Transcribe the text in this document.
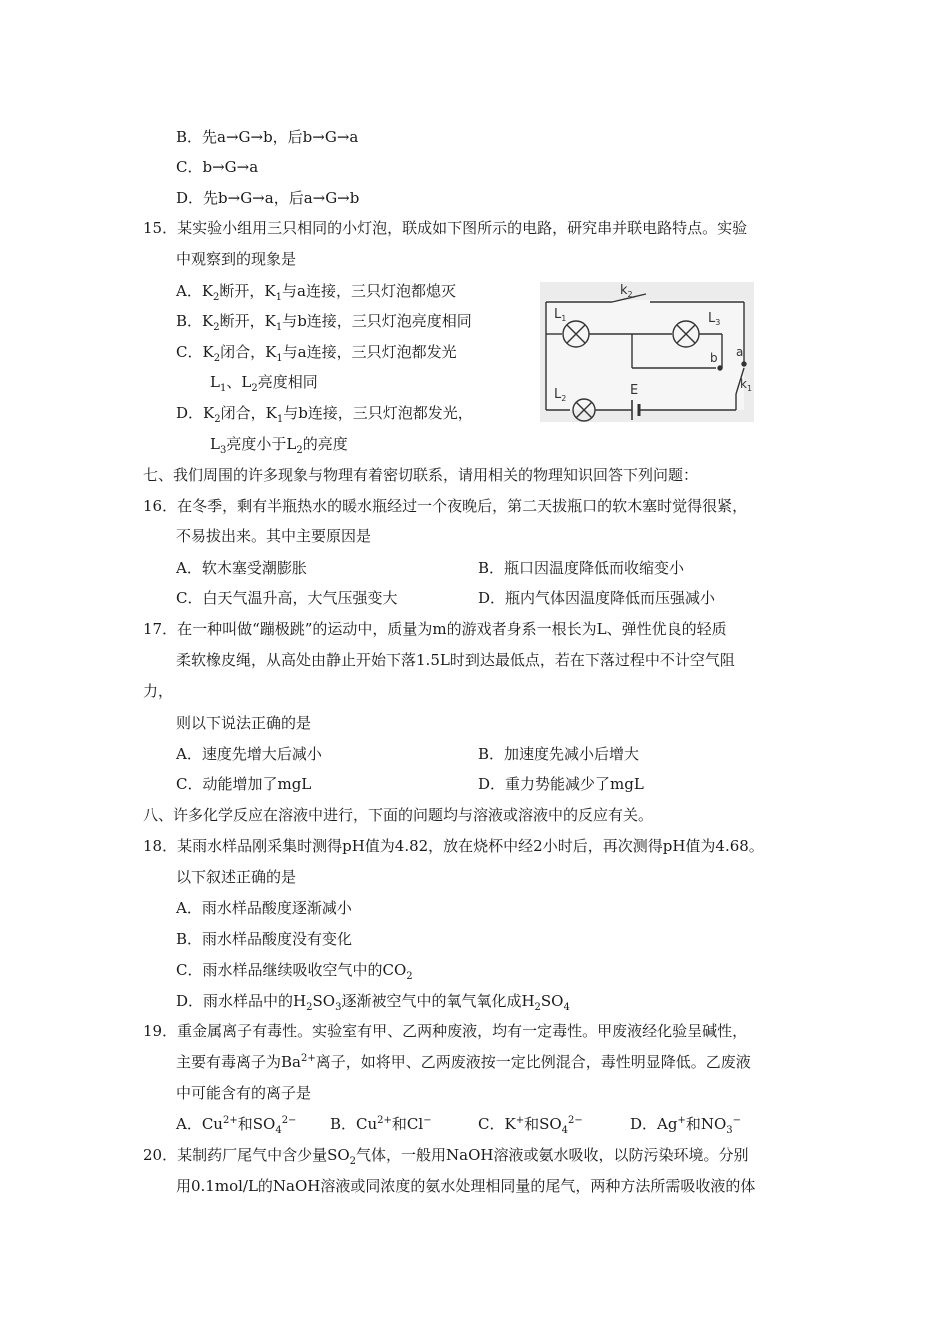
B．先a→G→b，后b→G→a
C．b→G→a
D．先b→G→a，后a→G→b
15．某实验小组用三只相同的小灯泡，联成如下图所示的电路，研究串并联电路特点。实验
中观察到的现象是
A．$K_2$断开，$K_1$与a连接，三只灯泡都熄灭
B．$K_2$断开，$K_1$与b连接，三只灯泡亮度相同
C．$K_2$闭合，$K_1$与a连接，三只灯泡都发光
$L_1$、$L_2$亮度相同
D．$K_2$闭合，$K_1$与b连接，三只灯泡都发光，
$L_3$亮度小于$L_2$的亮度
$k_2$
$L_1$	$L_3$
b a
$k_1$
$L_2$
E
七、我们周围的许多现象与物理有着密切联系，请用相关的物理知识回答下列问题：
16．在冬季，剩有半瓶热水的暖水瓶经过一个夜晚后，第二天拔瓶口的软木塞时觉得很紧，
不易拔出来。其中主要原因是
A．软木塞受潮膨胀	B．瓶口因温度降低而收缩变小
C．白天气温升高，大气压强变大	D．瓶内气体因温度降低而压强减小
17．在一种叫做“蹦极跳”的运动中，质量为m的游戏者身系一根长为L、弹性优良的轻质
柔软橡皮绳，从高处由静止开始下落1.5L时到达最低点，若在下落过程中不计空气阻
力，
则以下说法正确的是
A．速度先增大后减小	B．加速度先减小后增大
C．动能增加了mgL	D．重力势能减少了mgL
八、许多化学反应在溶液中进行，下面的问题均与溶液或溶液中的反应有关。
18．某雨水样品刚采集时测得pH值为4.82，放在烧杯中经2小时后，再次测得pH值为4.68。
以下叙述正确的是
A．雨水样品酸度逐渐减小
B．雨水样品酸度没有变化
C．雨水样品继续吸收空气中的$CO_2$
D．雨水样品中的$H_2SO_3$逐渐被空气中的氧气氧化成$H_2SO_4$
19．重金属离子有毒性。实验室有甲、乙两种废液，均有一定毒性。甲废液经化验呈碱性，
主要有毒离子为$Ba^{2+}$离子，如将甲、乙两废液按一定比例混合，毒性明显降低。乙废液
中可能含有的离子是
A．$Cu^{2+}$和$SO_4^{2-}$ B．$Cu^{2+}$和Cl−	C．K+和$SO_4^{2-}$	D．Ag+和$NO_3^-$
20．某制药厂尾气中含少量$SO_2$气体，一般用NaOH溶液或氨水吸收，以防污染环境。分别
用0.1mol/L的NaOH溶液或同浓度的氨水处理相同量的尾气，两种方法所需吸收液的体
